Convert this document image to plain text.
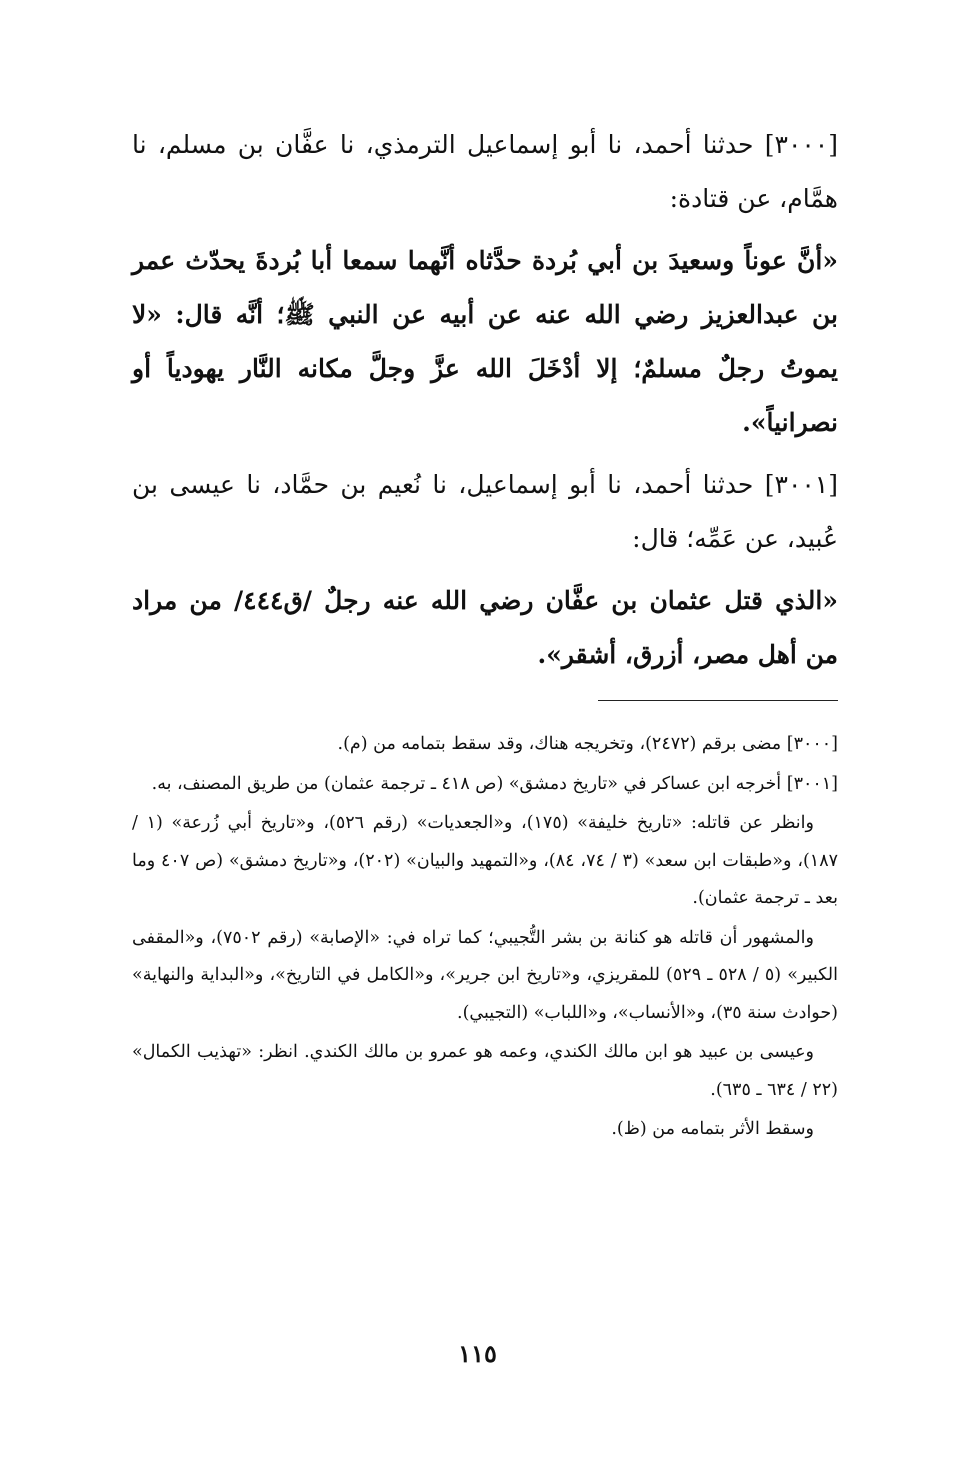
[٣٠٠٠] حدثنا أحمد، نا أبو إسماعيل الترمذي، نا عفَّان بن مسلم، نا همَّام، عن قتادة:

«أنَّ عوناً وسعيدَ بن أبي بُردة حدَّثاه أنَّهما سمعا أبا بُردةَ يحدّث عمر بن عبدالعزيز رضي الله عنه عن أبيه عن النبي ﷺ؛ أنَّه قال: «لا يموتُ رجلٌ مسلمٌ؛ إلا أدْخَلَ الله عزَّ وجلَّ مكانه النَّار يهودياً أو نصرانياً».

[٣٠٠١] حدثنا أحمد، نا أبو إسماعيل، نا نُعيم بن حمَّاد، نا عيسى بن عُبيد، عن عَمِّه؛ قال:

«الذي قتل عثمان بن عفَّان رضي الله عنه رجلٌ /ق٤٤٤/ من مراد من أهل مصر، أزرق، أشقر».

[٣٠٠٠] مضى برقم (٢٤٧٢)، وتخريجه هناك، وقد سقط بتمامه من (م).

[٣٠٠١] أخرجه ابن عساكر في «تاريخ دمشق» (ص ٤١٨ ـ ترجمة عثمان) من طريق المصنف، به.

وانظر عن قاتله: «تاريخ خليفة» (١٧٥)، و«الجعديات» (رقم ٥٢٦)، و«تاريخ أبي زُرعة» (١ / ١٨٧)، و«طبقات ابن سعد» (٣ / ٧٤، ٨٤)، و«التمهيد والبيان» (٢٠٢)، و«تاريخ دمشق» (ص ٤٠٧ وما بعد ـ ترجمة عثمان).

والمشهور أن قاتله هو كنانة بن بشر التُّجيبي؛ كما تراه في: «الإصابة» (رقم ٧٥٠٢)، و«المقفى الكبير» (٥ / ٥٢٨ ـ ٥٢٩) للمقريزي، و«تاريخ ابن جرير»، و«الكامل في التاريخ»، و«البداية والنهاية» (حوادث سنة ٣٥)، و«الأنساب»، و«اللباب» (التجيبي).

وعيسى بن عبيد هو ابن مالك الكندي، وعمه هو عمرو بن مالك الكندي. انظر: «تهذيب الكمال» (٢٢ / ٦٣٤ ـ ٦٣٥).

وسقط الأثر بتمامه من (ظ).

١١٥
